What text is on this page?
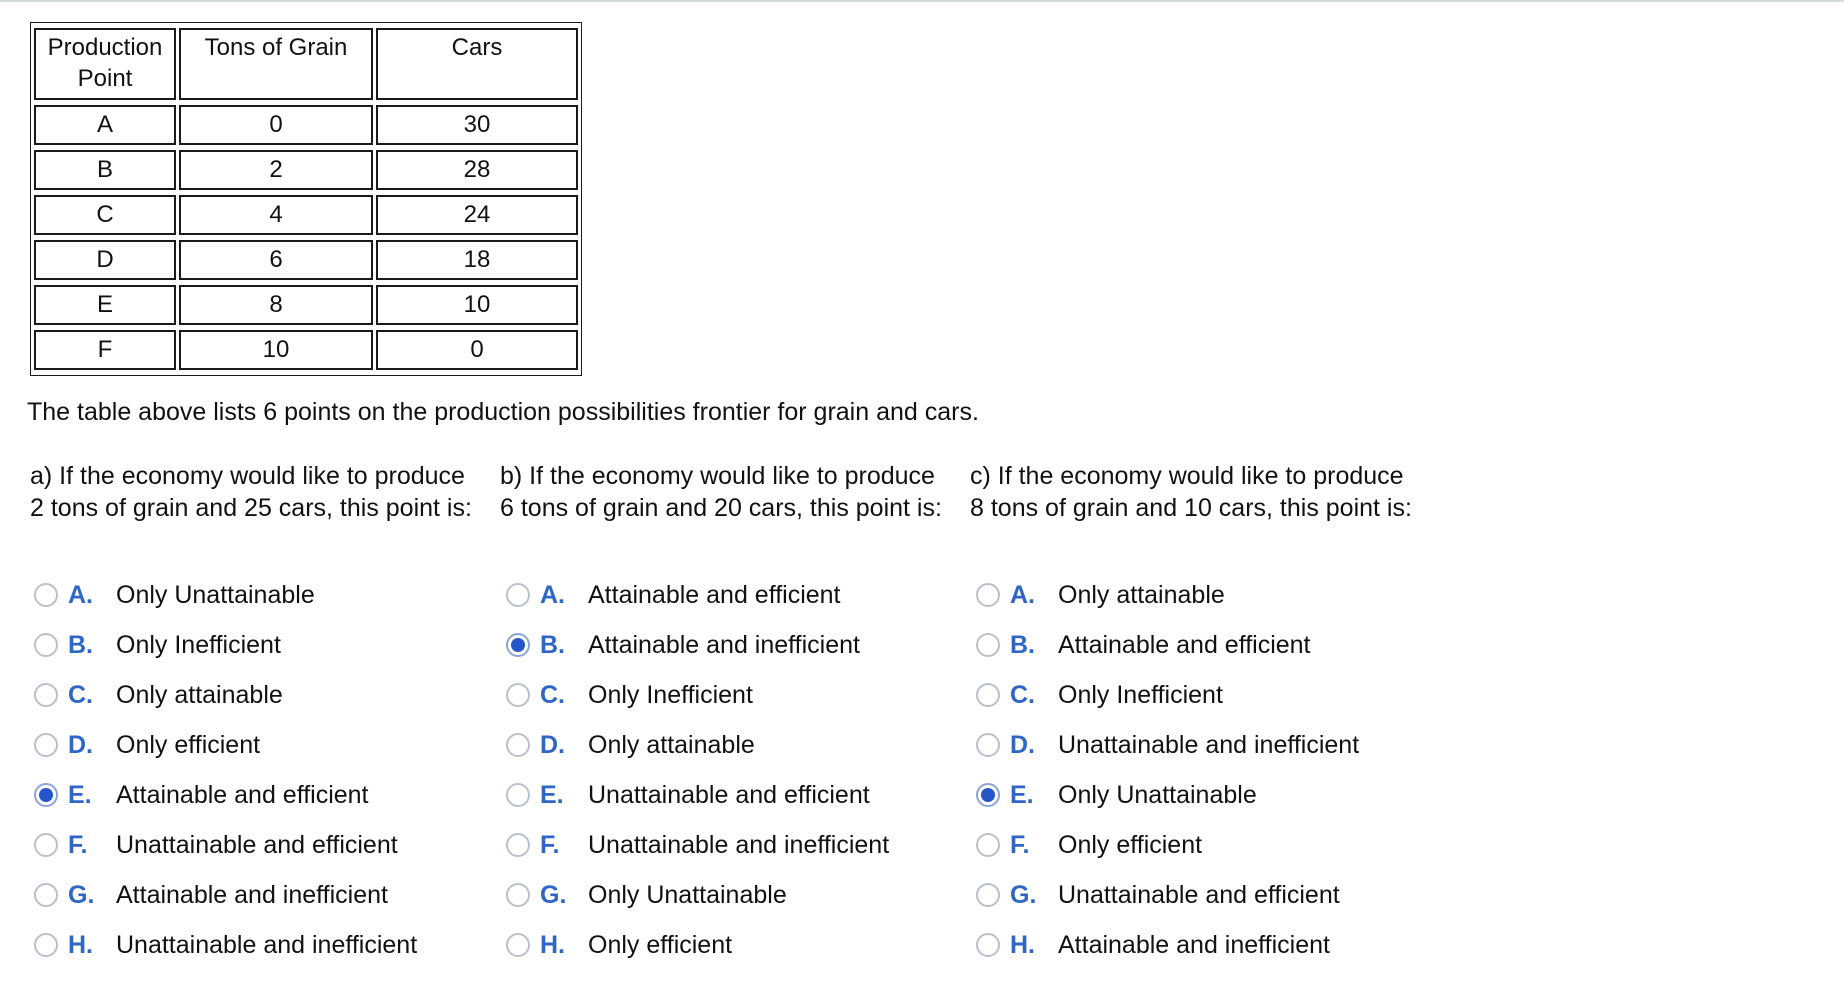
Production
Point	Tons of Grain	Cars
A	0	30
B	2	28
C	4	24
D	6	18
E	8	10
F	10	0

The table above lists 6 points on the production possibilities frontier for grain and cars.

a) If the economy would like to produce
2 tons of grain and 25 cars, this point is:

A. Only Unattainable
B. Only Inefficient
C. Only attainable
D. Only efficient
E. Attainable and efficient
F.	Unattainable and efficient
G. Attainable and inefficient
H. Unattainable and inefficient

b) If the economy would like to produce
6 tons of grain and 20 cars, this point is:

A. Attainable and efficient
B. Attainable and inefficient
C. Only Inefficient
D. Only attainable
E. Unattainable and efficient
F.	Unattainable and inefficient
G. Only Unattainable
H. Only efficient

c) If the economy would like to produce
8 tons of grain and 10 cars, this point is:

A. Only attainable
B. Attainable and efficient
C. Only Inefficient
D. Unattainable and inefficient
E. Only Unattainable
F.	Only efficient
G. Unattainable and efficient
H. Attainable and inefficient
